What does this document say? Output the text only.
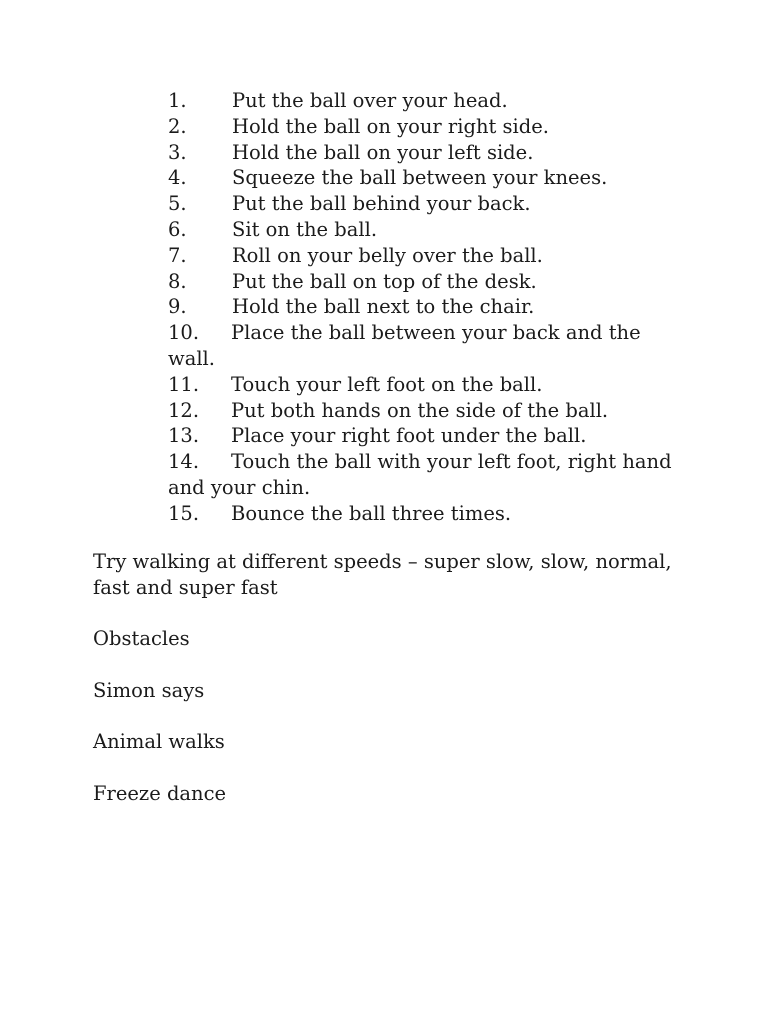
1. Put the ball over your head.
2. Hold the ball on your right side.
3. Hold the ball on your left side.
4. Squeeze the ball between your knees.
5. Put the ball behind your back.
6. Sit on the ball.
7. Roll on your belly over the ball.
8. Put the ball on top of the desk.
9. Hold the ball next to the chair.
10. Place the ball between your back and the wall.
11. Touch your left foot on the ball.
12. Put both hands on the side of the ball.
13. Place your right foot under the ball.
14. Touch the ball with your left foot, right hand and your chin.
15. Bounce the ball three times.

Try walking at different speeds – super slow, slow, normal, fast and super fast

Obstacles

Simon says

Animal walks

Freeze dance
